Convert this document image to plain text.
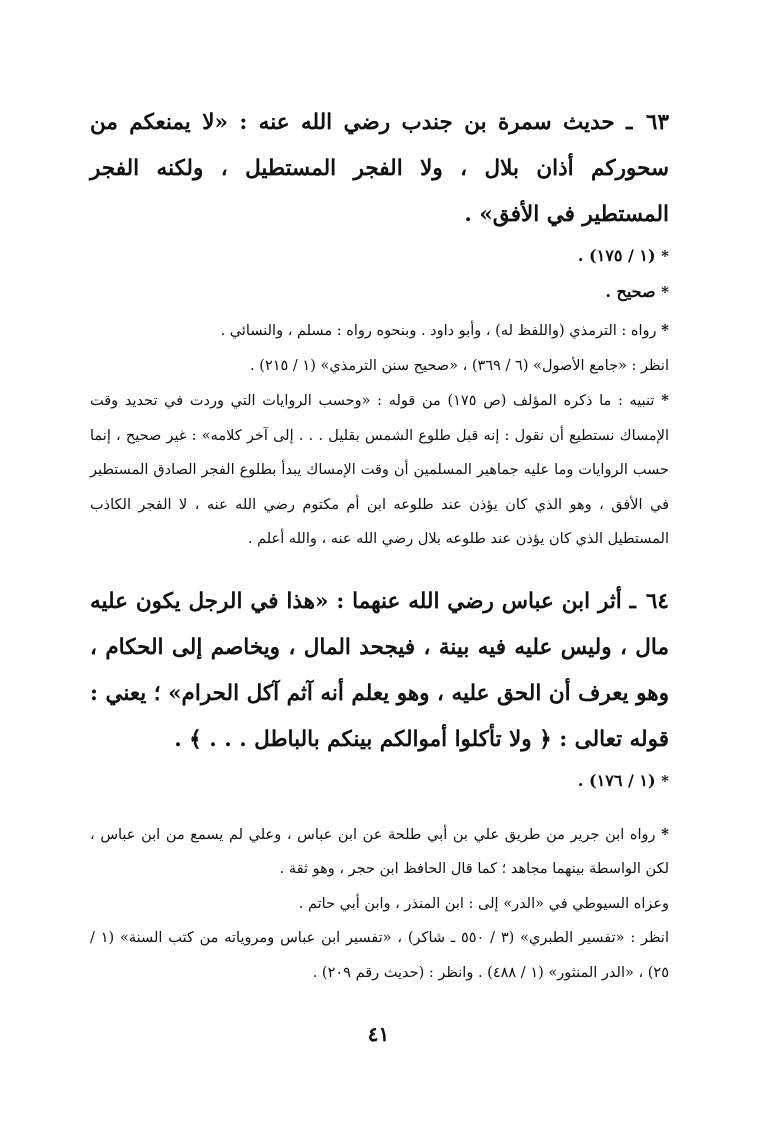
٦٣ ـ حديث سمرة بن جندب رضي الله عنه : «لا يمنعكم من سحوركم أذان بلال ، ولا الفجر المستطيل ، ولكنه الفجر المستطير في الأفق» .

* (١ / ١٧٥) .

* صحيح .

* رواه : الترمذي (واللفظ له) ، وأبو داود . وبنحوه رواه : مسلم ، والنسائي .

انظر : «جامع الأصول» (٦ / ٣٦٩) ، «صحيح سنن الترمذي» (١ / ٢١٥) .

* تنبيه : ما ذكره المؤلف (ص ١٧٥) من قوله : «وحسب الروايات التي وردت في تحديد وقت الإمساك نستطيع أن نقول : إنه قبل طلوع الشمس بقليل . . . إلى آخر كلامه» : غير صحيح ، إنما حسب الروايات وما عليه جماهير المسلمين أن وقت الإمساك يبدأ بطلوع الفجر الصادق المستطير في الأفق ، وهو الذي كان يؤذن عند طلوعه ابن أم مكتوم رضي الله عنه ، لا الفجر الكاذب المستطيل الذي كان يؤذن عند طلوعه بلال رضي الله عنه ، والله أعلم .

٦٤ ـ أثر ابن عباس رضي الله عنهما : «هذا في الرجل يكون عليه مال ، وليس عليه فيه بينة ، فيجحد المال ، ويخاصم إلى الحكام ، وهو يعرف أن الحق عليه ، وهو يعلم أنه آثم آكل الحرام» ؛ يعني : قوله تعالى : ﴿ ولا تأكلوا أموالكم بينكم بالباطل . . . ﴾ .

* (١ / ١٧٦) .

* رواه ابن جرير من طريق علي بن أبي طلحة عن ابن عباس ، وعلي لم يسمع من ابن عباس ، لكن الواسطة بينهما مجاهد ؛ كما قال الحافظ ابن حجر ، وهو ثقة .

وعزاه السيوطي في «الدر» إلى : ابن المنذر ، وابن أبي حاتم .

انظر : «تفسير الطبري» (٣ / ٥٥٠ ـ شاكر) ، «تفسير ابن عباس ومروياته من كتب السنة» (١ / ٢٥) ، «الدر المنثور» (١ / ٤٨٨) . وانظر : (حديث رقم ٢٠٩) .

٤١
